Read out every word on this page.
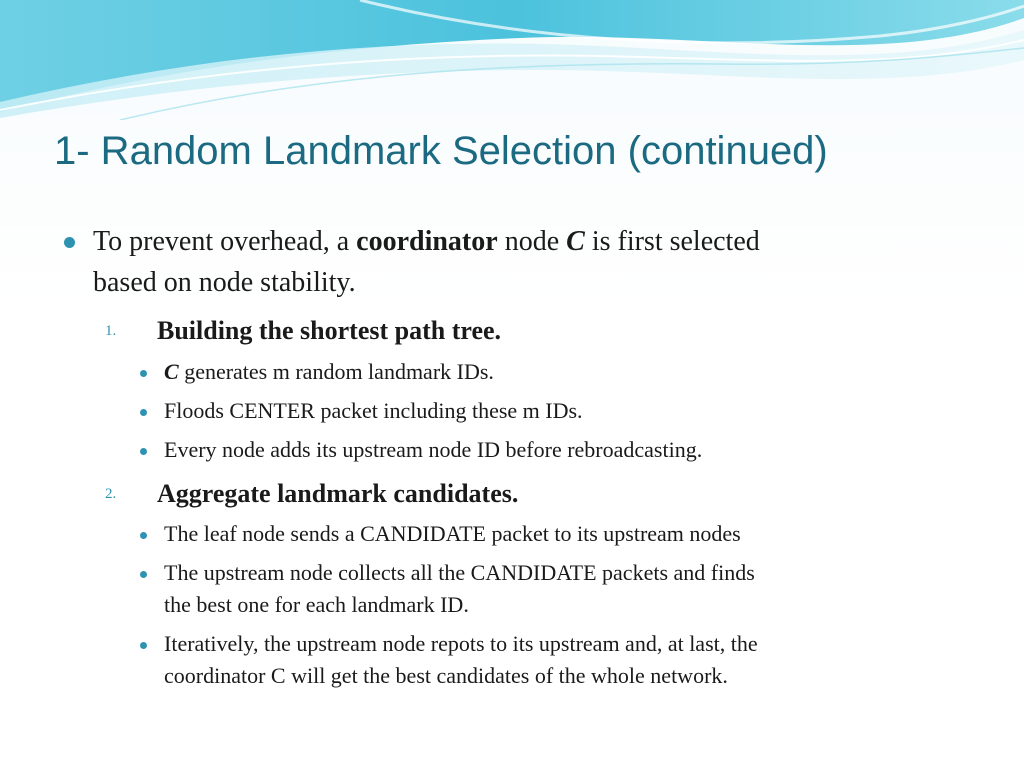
1- Random Landmark Selection (continued)
To prevent overhead, a coordinator node C is first selected
based on node stability.
1. Building the shortest path tree.
C generates m random landmark IDs.
Floods CENTER packet including these m IDs.
Every node adds its upstream node ID before rebroadcasting.
2. Aggregate landmark candidates.
The leaf node sends a CANDIDATE packet to its upstream nodes
The upstream node collects all the CANDIDATE packets and finds
the best one for each landmark ID.
Iteratively, the upstream node repots to its upstream and, at last, the
coordinator C will get the best candidates of the whole network.
